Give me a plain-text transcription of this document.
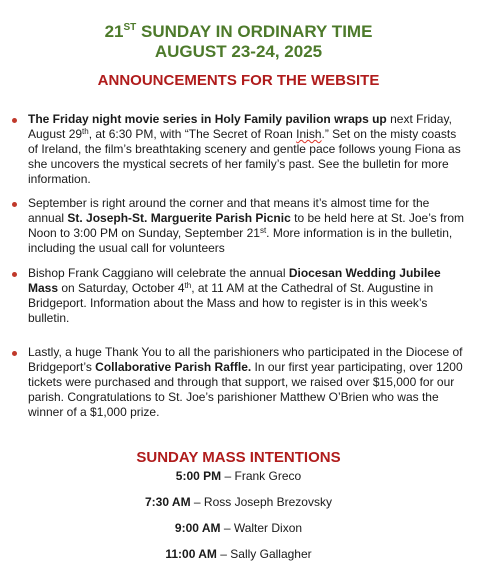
21ST SUNDAY IN ORDINARY TIME
AUGUST 23-24, 2025
ANNOUNCEMENTS FOR THE WEBSITE
The Friday night movie series in Holy Family pavilion wraps up next Friday, August 29th, at 6:30 PM, with “The Secret of Roan Inish.” Set on the misty coasts of Ireland, the film’s breathtaking scenery and gentle pace follows young Fiona as she uncovers the mystical secrets of her family’s past. See the bulletin for more information.
September is right around the corner and that means it’s almost time for the annual St. Joseph-St. Marguerite Parish Picnic to be held here at St. Joe’s from Noon to 3:00 PM on Sunday, September 21st. More information is in the bulletin, including the usual call for volunteers
Bishop Frank Caggiano will celebrate the annual Diocesan Wedding Jubilee Mass on Saturday, October 4th, at 11 AM at the Cathedral of St. Augustine in Bridgeport. Information about the Mass and how to register is in this week’s bulletin.
Lastly, a huge Thank You to all the parishioners who participated in the Diocese of Bridgeport’s Collaborative Parish Raffle. In our first year participating, over 1200 tickets were purchased and through that support, we raised over $15,000 for our parish. Congratulations to St. Joe’s parishioner Matthew O’Brien who was the winner of a $1,000 prize.
SUNDAY MASS INTENTIONS
5:00 PM – Frank Greco
7:30 AM – Ross Joseph Brezovsky
9:00 AM – Walter Dixon
11:00 AM – Sally Gallagher
